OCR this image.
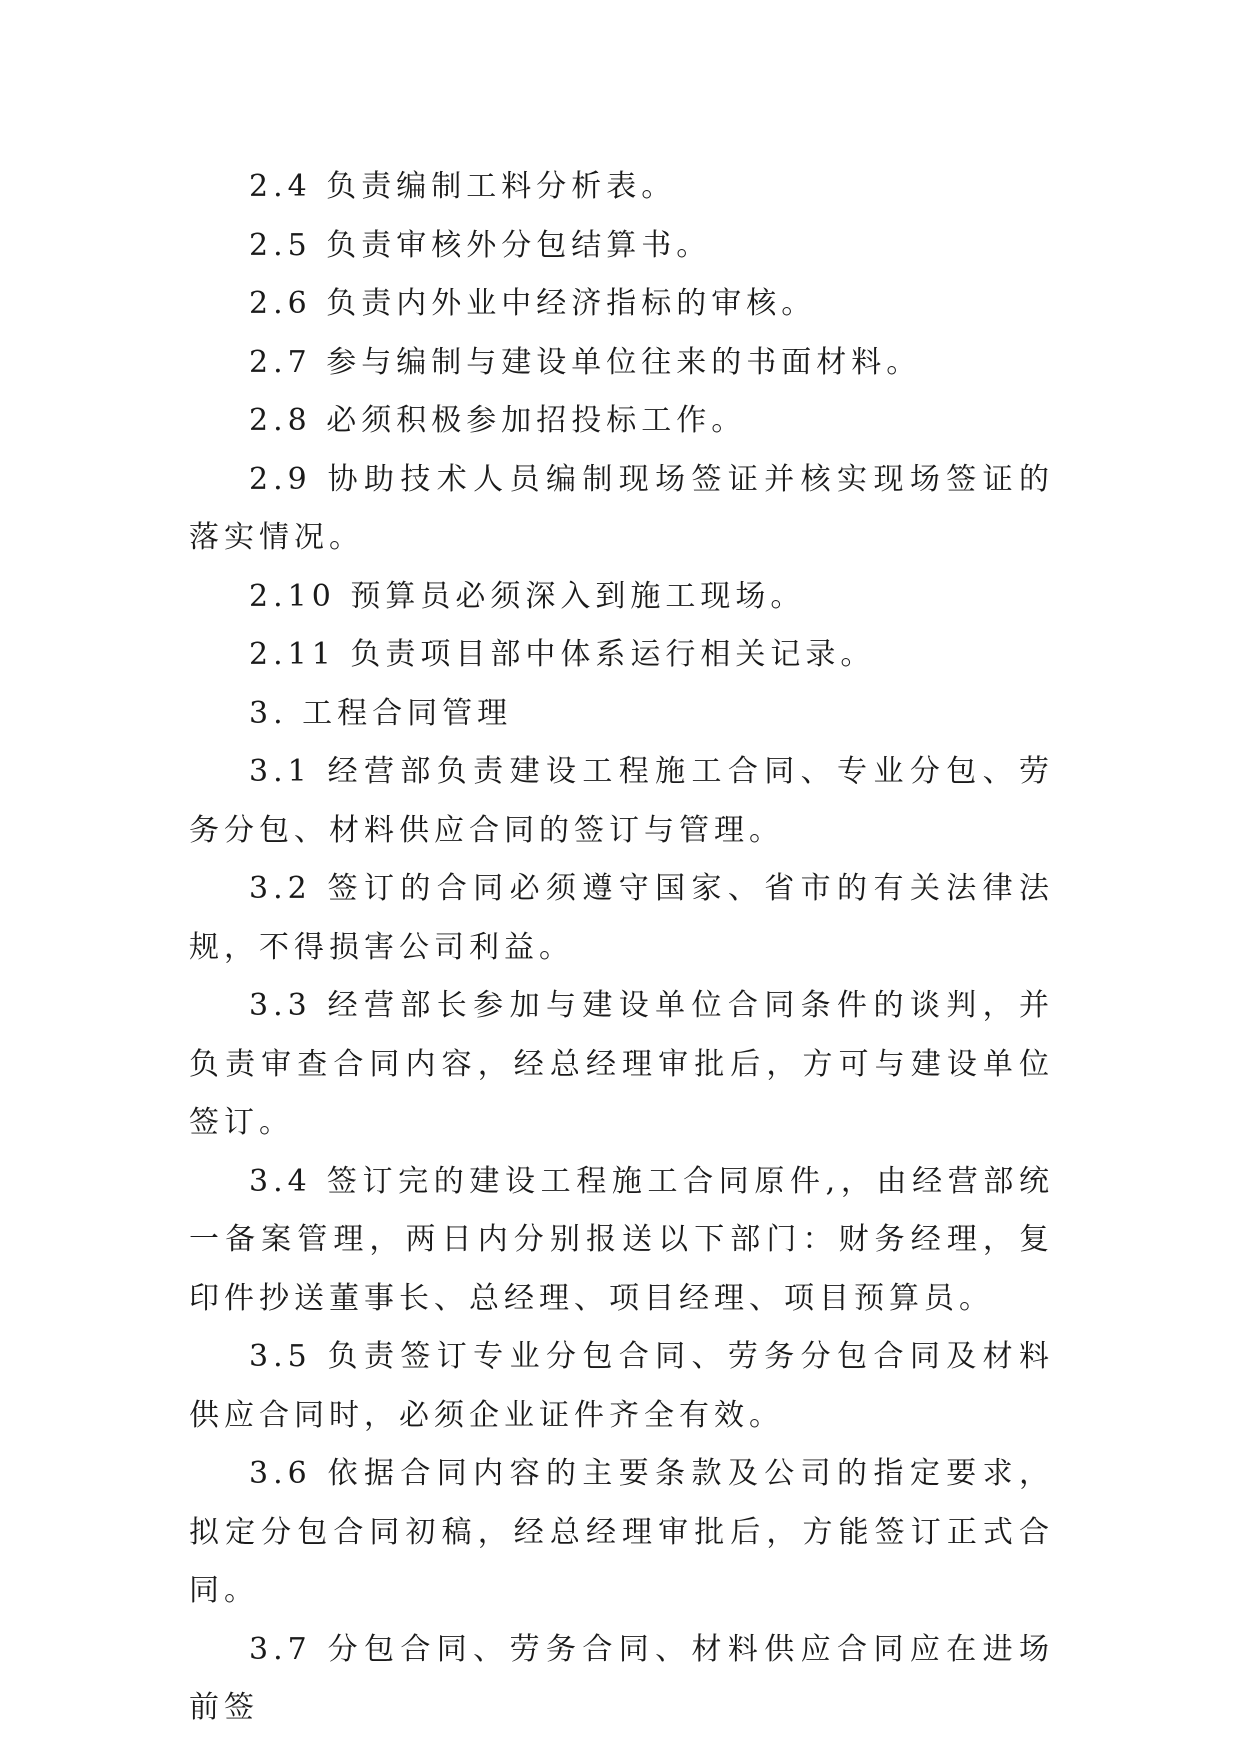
2.4 负责编制工料分析表。

2.5 负责审核外分包结算书。

2.6 负责内外业中经济指标的审核。

2.7 参与编制与建设单位往来的书面材料。

2.8 必须积极参加招投标工作。

2.9 协助技术人员编制现场签证并核实现场签证的落实情况。

2.10 预算员必须深入到施工现场。

2.11 负责项目部中体系运行相关记录。

3. 工程合同管理

3.1 经营部负责建设工程施工合同、专业分包、劳务分包、材料供应合同的签订与管理。

3.2 签订的合同必须遵守国家、省市的有关法律法规，不得损害公司利益。

3.3 经营部长参加与建设单位合同条件的谈判，并负责审查合同内容，经总经理审批后，方可与建设单位签订。

3.4 签订完的建设工程施工合同原件,，由经营部统一备案管理，两日内分别报送以下部门：财务经理，复印件抄送董事长、总经理、项目经理、项目预算员。

3.5 负责签订专业分包合同、劳务分包合同及材料供应合同时，必须企业证件齐全有效。

3.6 依据合同内容的主要条款及公司的指定要求，拟定分包合同初稿，经总经理审批后，方能签订正式合同。

3.7 分包合同、劳务合同、材料供应合同应在进场前签
